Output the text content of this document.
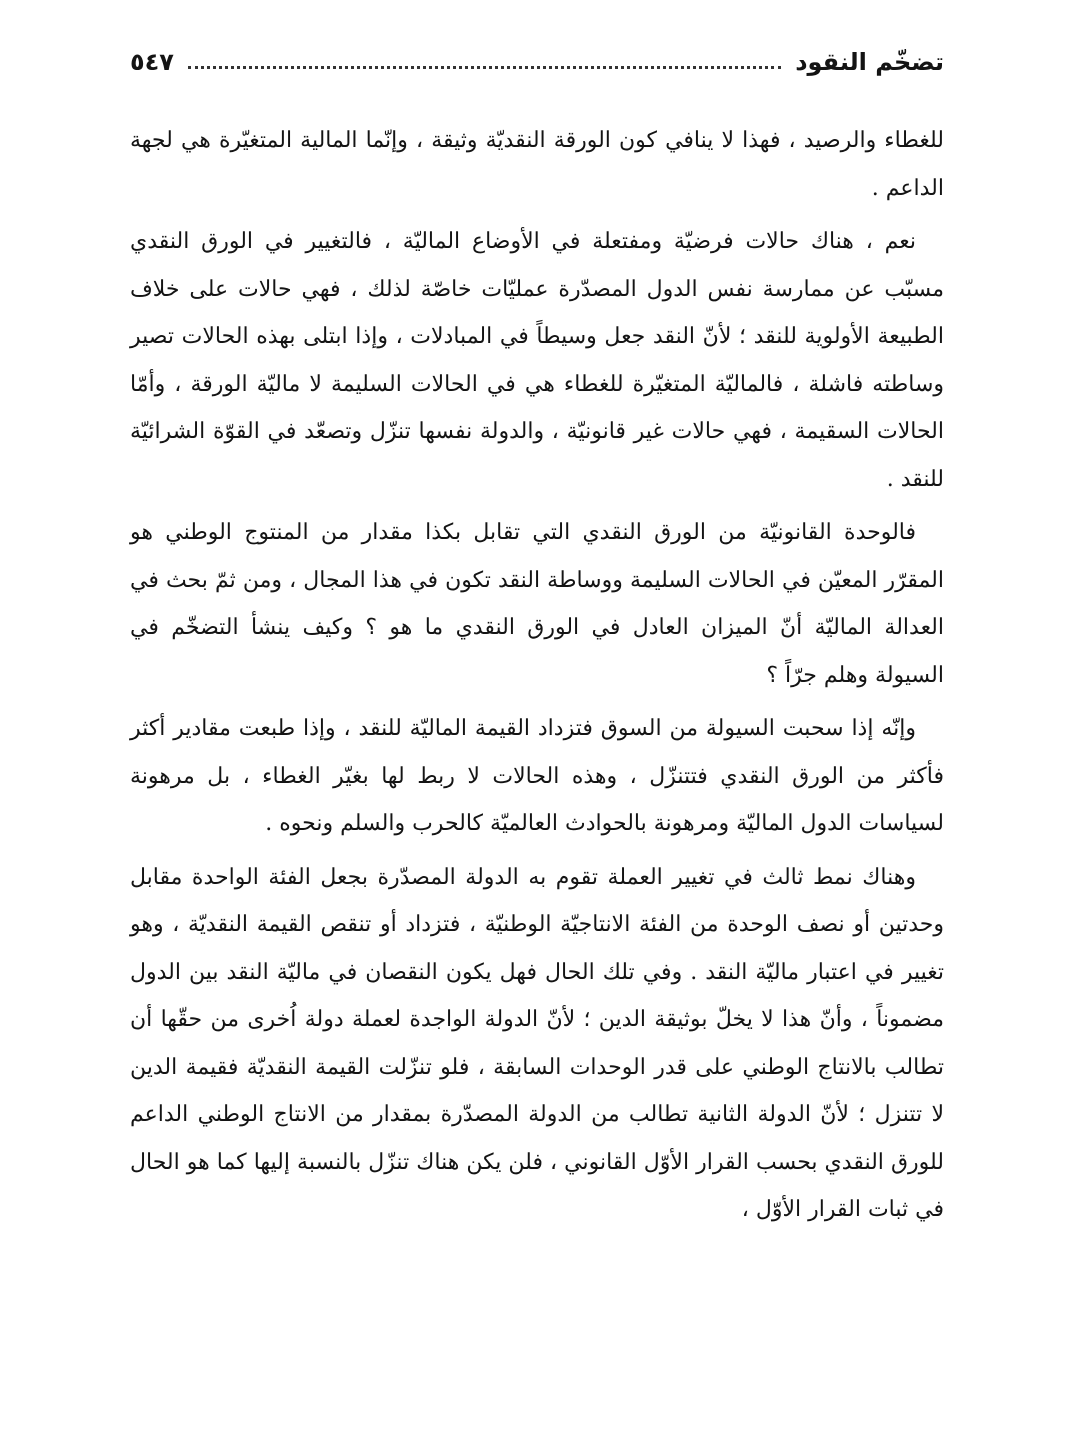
تضخّم النقود
٥٤٧

للغطاء والرصيد ، فهذا لا ينافي كون الورقة النقديّة وثيقة ، وإنّما المالية المتغيّرة هي لجهة الداعم .

نعم ، هناك حالات فرضيّة ومفتعلة في الأوضاع الماليّة ، فالتغيير في الورق النقدي مسبّب عن ممارسة نفس الدول المصدّرة عمليّات خاصّة لذلك ، فهي حالات على خلاف الطبيعة الأولوية للنقد ؛ لأنّ النقد جعل وسيطاً في المبادلات ، وإذا ابتلى بهذه الحالات تصير وساطته فاشلة ، فالماليّة المتغيّرة للغطاء هي في الحالات السليمة لا ماليّة الورقة ، وأمّا الحالات السقيمة ، فهي حالات غير قانونيّة ، والدولة نفسها تنزّل وتصعّد في القوّة الشرائيّة للنقد .

فالوحدة القانونيّة من الورق النقدي التي تقابل بكذا مقدار من المنتوج الوطني هو المقرّر المعيّن في الحالات السليمة ووساطة النقد تكون في هذا المجال ، ومن ثمّ بحث في العدالة الماليّة أنّ الميزان العادل في الورق النقدي ما هو ؟ وكيف ينشأ التضخّم في السيولة وهلم جرّاً ؟

وإنّه إذا سحبت السيولة من السوق فتزداد القيمة الماليّة للنقد ، وإذا طبعت مقادير أكثر فأكثر من الورق النقدي فتتنزّل ، وهذه الحالات لا ربط لها بغيّر الغطاء ، بل مرهونة لسياسات الدول الماليّة ومرهونة بالحوادث العالميّة كالحرب والسلم ونحوه .

وهناك نمط ثالث في تغيير العملة تقوم به الدولة المصدّرة بجعل الفئة الواحدة مقابل وحدتين أو نصف الوحدة من الفئة الانتاجيّة الوطنيّة ، فتزداد أو تنقص القيمة النقديّة ، وهو تغيير في اعتبار ماليّة النقد . وفي تلك الحال فهل يكون النقصان في ماليّة النقد بين الدول مضموناً ، وأنّ هذا لا يخلّ بوثيقة الدين ؛ لأنّ الدولة الواجدة لعملة دولة اُخرى من حقّها أن تطالب بالانتاج الوطني على قدر الوحدات السابقة ، فلو تنزّلت القيمة النقديّة فقيمة الدين لا تتنزل ؛ لأنّ الدولة الثانية تطالب من الدولة المصدّرة بمقدار من الانتاج الوطني الداعم للورق النقدي بحسب القرار الأوّل القانوني ، فلن يكن هناك تنزّل بالنسبة إليها كما هو الحال في ثبات القرار الأوّل ،
